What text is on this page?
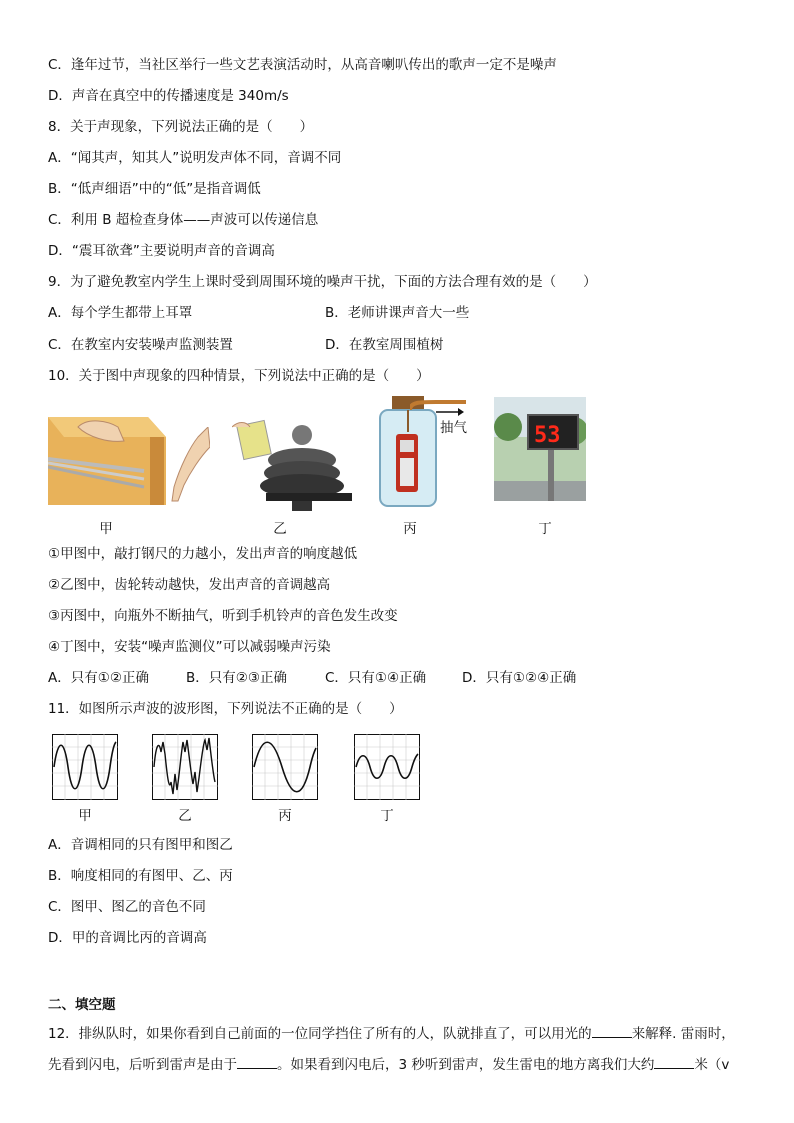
C．逢年过节，当社区举行一些文艺表演活动时，从高音喇叭传出的歌声一定不是噪声
D．声音在真空中的传播速度是 340m/s
8．关于声现象，下列说法正确的是（　　）
A．“闻其声，知其人”说明发声体不同，音调不同
B．“低声细语”中的“低”是指音调低
C．利用 B 超检查身体——声波可以传递信息
D．“震耳欲聋”主要说明声音的音调高
9．为了避免教室内学生上课时受到周围环境的噪声干扰，下面的方法合理有效的是（　　）
A．每个学生都带上耳罩	B．老师讲课声音大一些
C．在教室内安装噪声监测装置	D．在教室周围植树
10．关于图中声现象的四种情景，下列说法中正确的是（　　）
甲	乙
抽气
丙
53
丁
①甲图中，敲打钢尺的力越小，发出声音的响度越低
②乙图中，齿轮转动越快，发出声音的音调越高
③丙图中，向瓶外不断抽气，听到手机铃声的音色发生改变
④丁图中，安装“噪声监测仪”可以减弱噪声污染
A．只有①②正确	B．只有②③正确	C．只有①④正确	D．只有①②④正确
11．如图所示声波的波形图，下列说法不正确的是（　　）
甲	乙	丙	丁
A．音调相同的只有图甲和图乙
B．响度相同的有图甲、乙、丙
C．图甲、图乙的音色不同
D．甲的音调比丙的音调高
二、填空题
12．排纵队时，如果你看到自己前面的一位同学挡住了所有的人，队就排直了，可以用光的	来解释. 雷雨时，
先看到闪电，后听到雷声是由于	。如果看到闪电后，3 秒听到雷声，发生雷电的地方离我们大约	米（v
